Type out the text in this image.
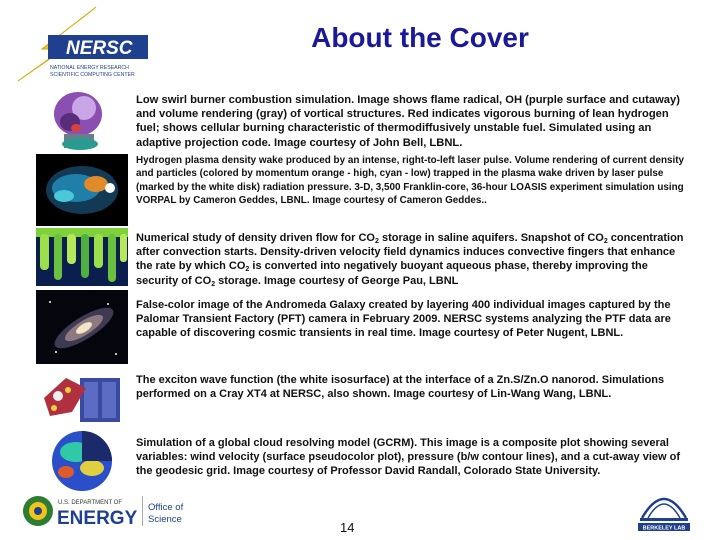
NERSC
NATIONAL ENERGY RESEARCH
SCIENTIFIC COMPUTING CENTER
About the Cover

Low swirl burner combustion simulation. Image shows flame radical, OH (purple surface and cutaway) and volume rendering (gray) of vortical structures. Red indicates vigorous burning of lean hydrogen fuel; shows cellular burning characteristic of thermodiffusively unstable fuel. Simulated using an adaptive projection code. Image courtesy of John Bell, LBNL.

Hydrogen plasma density wake produced by an intense, right-to-left laser pulse. Volume rendering of current density and particles (colored by momentum orange - high, cyan - low) trapped in the plasma wake driven by laser pulse (marked by the white disk) radiation pressure. 3-D, 3,500 Franklin-core, 36-hour LOASIS experiment simulation using VORPAL by Cameron Geddes, LBNL. Image courtesy of Cameron Geddes..

Numerical study of density driven flow for $CO_2$ storage in saline aquifers. Snapshot of $CO_2$ concentration after convection starts. Density-driven velocity field dynamics induces convective fingers that enhance the rate by which $CO_2$ is converted into negatively buoyant aqueous phase, thereby improving the security of $CO_2$ storage. Image courtesy of George Pau, LBNL

False-color image of the Andromeda Galaxy created by layering 400 individual images captured by the Palomar Transient Factory (PFT) camera in February 2009. NERSC systems analyzing the PTF data are capable of discovering cosmic transients in real time. Image courtesy of Peter Nugent, LBNL.

The exciton wave function (the white isosurface) at the interface of a Zn.S/Zn.O nanorod. Simulations performed on a Cray XT4 at NERSC, also shown. Image courtesy of Lin-Wang Wang, LBNL.

Simulation of a global cloud resolving model (GCRM). This image is a composite plot showing several variables: wind velocity (surface pseudocolor plot), pressure (b/w contour lines), and a cut-away view of the geodesic grid. Image courtesy of Professor David Randall, Colorado State University.

U.S. DEPARTMENT OF
ENERGY
Office of
Science
14	BERKELEY LAB
